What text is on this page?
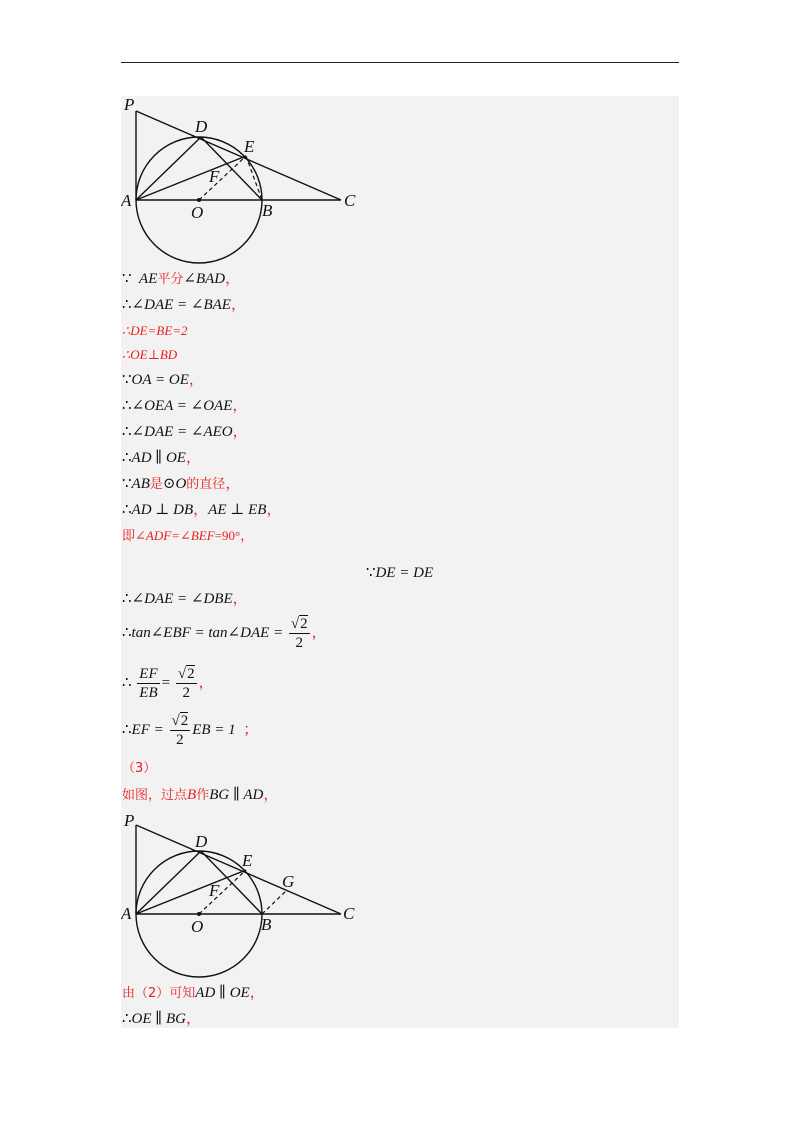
P
D
E
F
A
O	B
C
∵ AE平分∠BAD，
∴∠DAE = ∠BAE，
∴DE=BE=2
∴OE⊥BD
∵OA = OE，
∴∠OEA = ∠OAE，
∴∠DAE = ∠AEO，
∴AD ∥ OE，
∵AB是⊙O的直径，
∴AD ⊥ DB，AE ⊥ EB，
即∠ADF=∠BEF=90°，
∵DE = DE
∴∠DAE = ∠DBE，
∴tan∠EBF = tan∠DAE = $\frac{√2}{2}$ ，
∴ $\frac{EF}{EB} = \frac{√2}{2}$ ，
∴EF = $\frac{√2}{2}$ EB = 1 ；
（3）
如图，过点B作BG ∥ AD，
P
D
E
F	G
A
O	B
C
由（2）可知AD ∥ OE，
∴OE ∥ BG，
